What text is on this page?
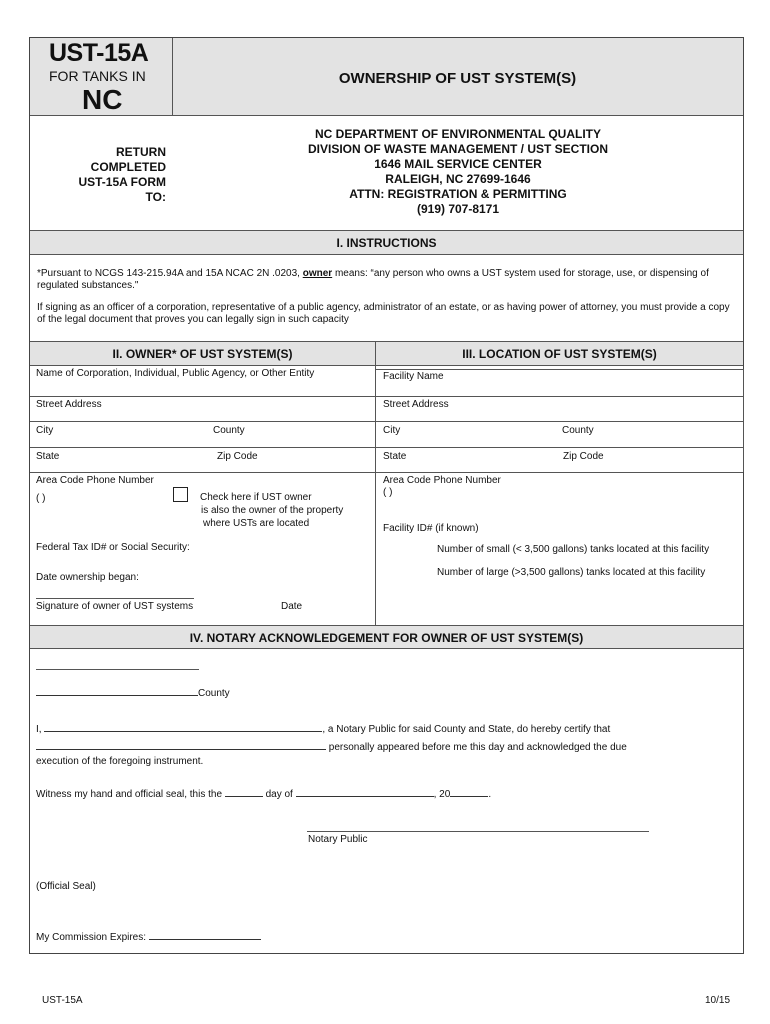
UST-15A
FOR TANKS IN
NC
OWNERSHIP OF UST SYSTEM(S)
RETURN
COMPLETED
UST-15A FORM
TO:
NC DEPARTMENT OF ENVIRONMENTAL QUALITY
DIVISION OF WASTE MANAGEMENT / UST SECTION
1646 MAIL SERVICE CENTER
RALEIGH, NC 27699-1646
ATTN: REGISTRATION & PERMITTING
(919) 707-8171
I. INSTRUCTIONS
*Pursuant to NCGS 143-215.94A and 15A NCAC 2N .0203, owner means: “any person who owns a UST system used for storage, use, or dispensing of regulated substances."
If signing as an officer of a corporation, representative of a public agency, administrator of an estate, or as having power of attorney, you must provide a copy of the legal document that proves you can legally sign in such capacity
II. OWNER* OF UST SYSTEM(S)	III. LOCATION OF UST SYSTEM(S)
Name of Corporation, Individual, Public Agency, or Other Entity
Street Address
City	County
State	Zip Code
Area Code Phone Number
( )	Check here if UST owner
is also the owner of the property
where USTs are located
Federal Tax ID# or Social Security:
Date ownership began:
Signature of owner of UST systems	Date
Facility Name
Street Address
City	County
State	Zip Code
Area Code Phone Number
( )
Facility ID# (if known)
Number of small (< 3,500 gallons) tanks located at this facility
Number of large (>3,500 gallons) tanks located at this facility
IV. NOTARY ACKNOWLEDGEMENT FOR OWNER OF UST SYSTEM(S)
County
I,	, a Notary Public for said County and State, do hereby certify that
personally appeared before me this day and acknowledged the due
execution of the foregoing instrument.
Witness my hand and official seal, this the	day of	, 20	.
Notary Public
(Official Seal)
My Commission Expires:
UST-15A	10/15
